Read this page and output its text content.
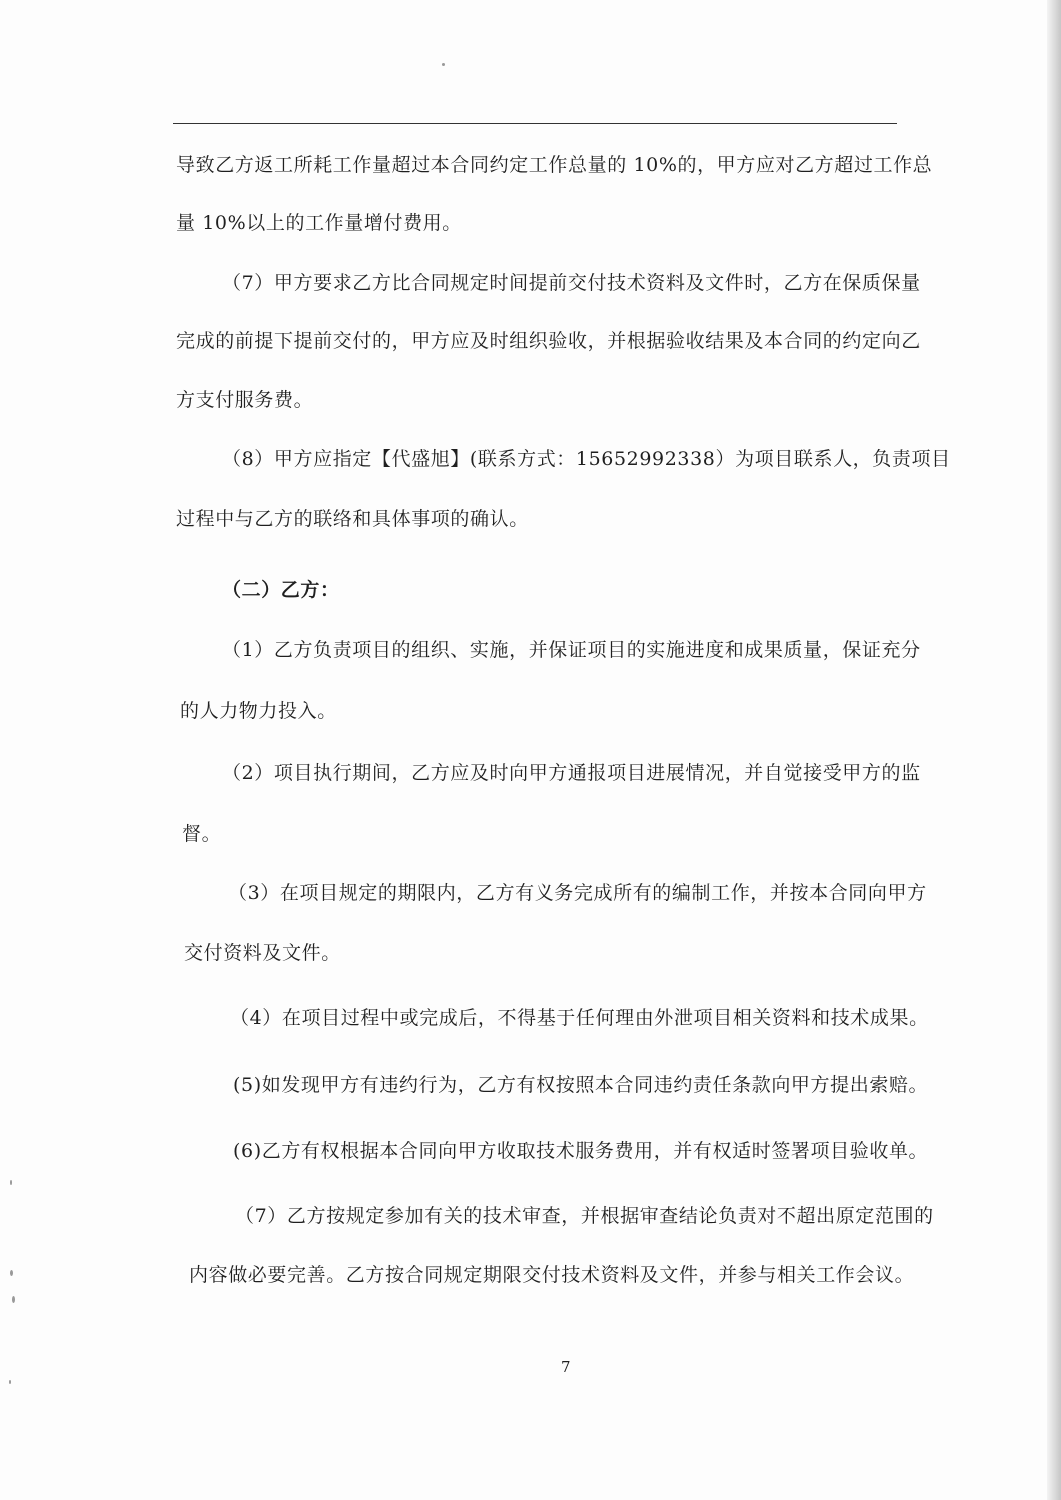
导致乙方返工所耗工作量超过本合同约定工作总量的 10%的，甲方应对乙方超过工作总
量 10%以上的工作量增付费用。
（7）甲方要求乙方比合同规定时间提前交付技术资料及文件时，乙方在保质保量
完成的前提下提前交付的，甲方应及时组织验收，并根据验收结果及本合同的约定向乙
方支付服务费。
（8）甲方应指定【代盛旭】(联系方式：15652992338）为项目联系人，负责项目
过程中与乙方的联络和具体事项的确认。
（二）乙方：
（1）乙方负责项目的组织、实施，并保证项目的实施进度和成果质量，保证充分
的人力物力投入。
（2）项目执行期间，乙方应及时向甲方通报项目进展情况，并自觉接受甲方的监
督。
（3）在项目规定的期限内，乙方有义务完成所有的编制工作，并按本合同向甲方
交付资料及文件。
（4）在项目过程中或完成后，不得基于任何理由外泄项目相关资料和技术成果。
(5)如发现甲方有违约行为，乙方有权按照本合同违约责任条款向甲方提出索赔。
(6)乙方有权根据本合同向甲方收取技术服务费用，并有权适时签署项目验收单。
（7）乙方按规定参加有关的技术审查，并根据审查结论负责对不超出原定范围的
内容做必要完善。乙方按合同规定期限交付技术资料及文件，并参与相关工作会议。
7
